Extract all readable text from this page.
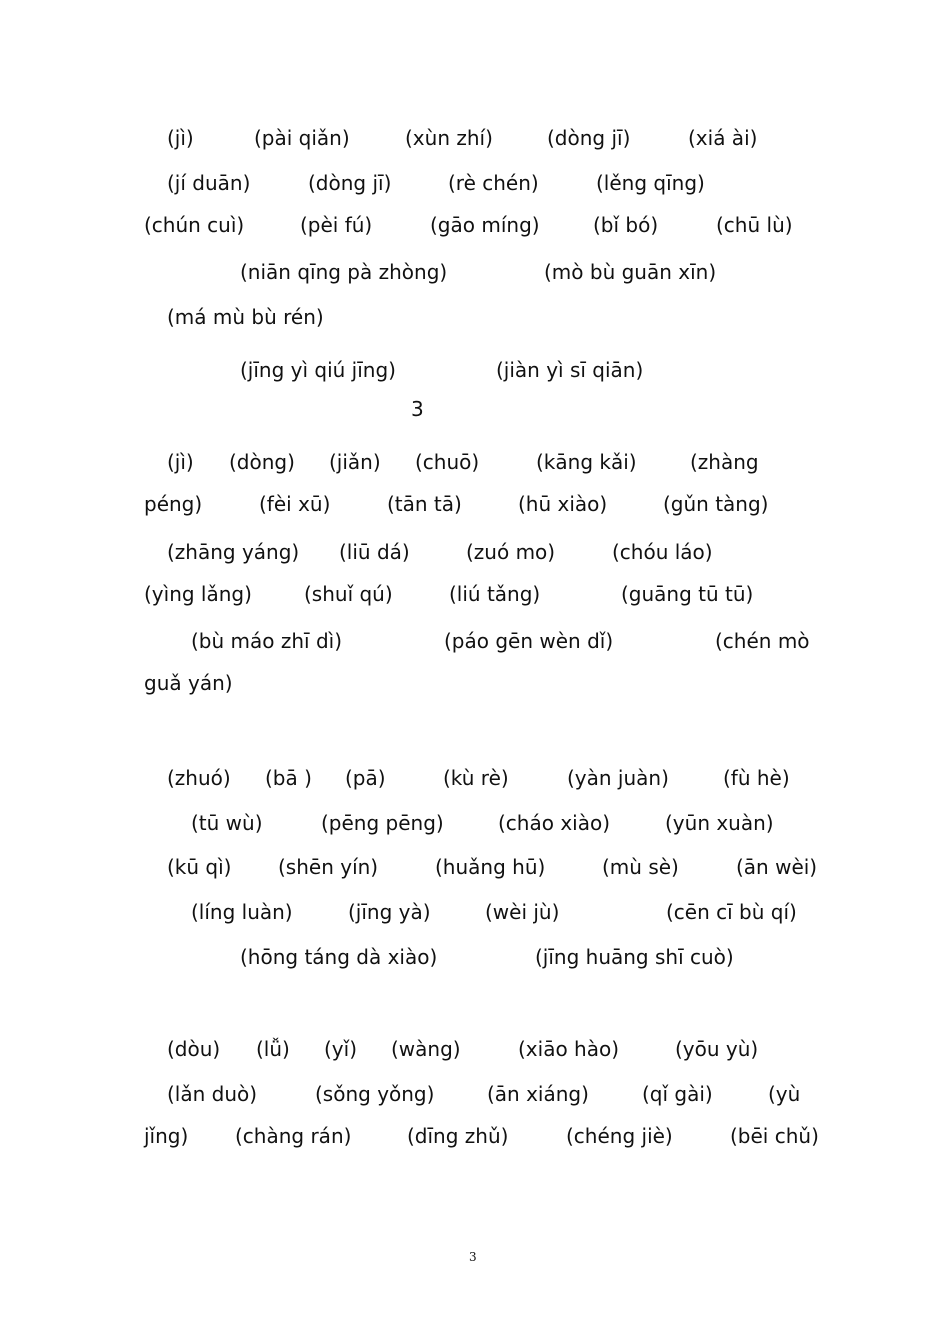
(jì)	(pài qiǎn)	(xùn zhí)	(dòng jī)	(xiá ài)
(jí duān)	(dòng jī)	(rè chén)	(lěng qīng)
(chún cuì)	(pèi fú)	(gāo míng)	(bǐ bó)	(chū lù)
(niān qīng pà zhòng)	(mò bù guān xīn)
(má mù bù rén)
(jīng yì qiú jīng)	(jiàn yì sī qiān)
3
(jì) (dòng) (jiǎn) (chuō)	(kāng kǎi)	(zhàng
péng)	(fèi xū)	(tān tā)	(hū xiào)	(gǔn tàng)
(zhāng yáng) (liū dá)	(zuó mo)	(chóu láo)
(yìng lǎng)	(shuǐ qú)	(liú tǎng)	(guāng tū tū)
(bù máo zhī dì)	(páo gēn wèn dǐ)	(chén mò
guǎ yán)
(zhuó) (bā ) (pā)	(kù rè)	(yàn juàn)	(fù hè)
(tū wù)	(pēng pēng)	(cháo xiào)	(yūn xuàn)
(kū qì) (shēn yín)	(huǎng hū)	(mù sè)	(ān wèi)
(líng luàn)	(jīng yà)	(wèi jù)	(cēn cī bù qí)
(hōng táng dà xiào)	(jīng huāng shī cuò)
(dòu) (lǚ) (yǐ) (wàng)	(xiāo hào)	(yōu yù)
(lǎn duò)	(sǒng yǒng)	(ān xiáng)	(qǐ gài)	(yù
jǐng) (chàng rán)	(dīng zhǔ)	(chéng jiè)	(bēi chǔ)
3
